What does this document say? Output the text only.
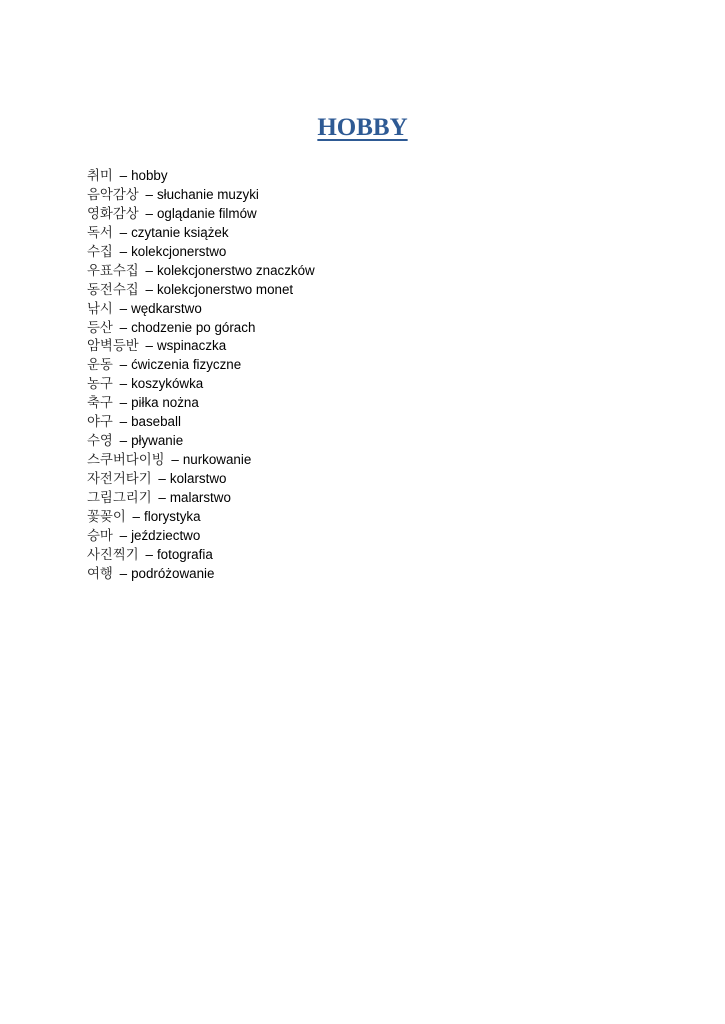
HOBBY
취미 – hobby
음악감상 – słuchanie muzyki
영화감상 – oglądanie filmów
독서 – czytanie książek
수집 – kolekcjonerstwo
우표수집 – kolekcjonerstwo znaczków
동전수집 – kolekcjonerstwo monet
낚시 – wędkarstwo
등산 – chodzenie po górach
암벽등반 – wspinaczka
운동 – ćwiczenia fizyczne
농구 – koszykówka
축구 – piłka nożna
야구 – baseball
수영 – pływanie
스쿠버다이빙 – nurkowanie
자전거타기 – kolarstwo
그림그리기 – malarstwo
꽃꽂이 – florystyka
승마 – jeździectwo
사진찍기 – fotografia
여행 – podróżowanie
